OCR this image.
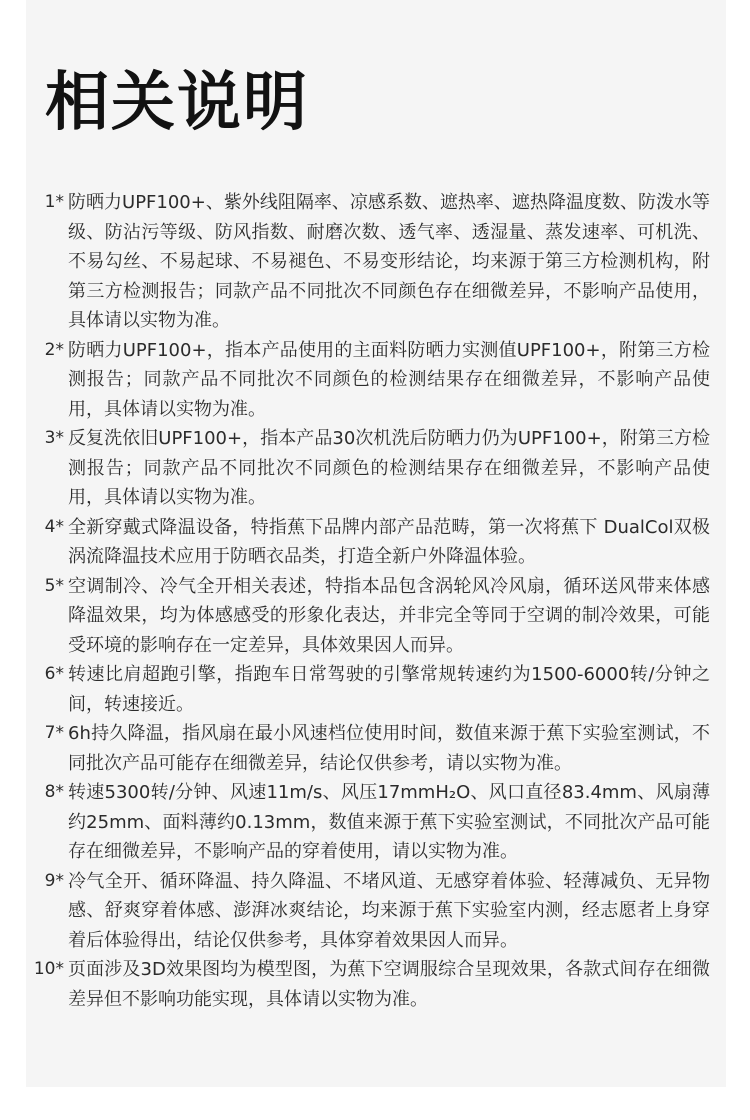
相关说明
1* 防晒力UPF100+、紫外线阻隔率、凉感系数、遮热率、遮热降温度数、防泼水等级、防沾污等级、防风指数、耐磨次数、透气率、透湿量、蒸发速率、可机洗、不易勾丝、不易起球、不易褪色、不易变形结论，均来源于第三方检测机构，附第三方检测报告；同款产品不同批次不同颜色存在细微差异，不影响产品使用，具体请以实物为准。
2* 防晒力UPF100+，指本产品使用的主面料防晒力实测值UPF100+，附第三方检测报告；同款产品不同批次不同颜色的检测结果存在细微差异，不影响产品使用，具体请以实物为准。
3* 反复洗依旧UPF100+，指本产品30次机洗后防晒力仍为UPF100+，附第三方检测报告；同款产品不同批次不同颜色的检测结果存在细微差异，不影响产品使用，具体请以实物为准。
4* 全新穿戴式降温设备，特指蕉下品牌内部产品范畴，第一次将蕉下 DualCol双极涡流降温技术应用于防晒衣品类，打造全新户外降温体验。
5* 空调制冷、冷气全开相关表述，特指本品包含涡轮风冷风扇，循环送风带来体感降温效果，均为体感感受的形象化表达，并非完全等同于空调的制冷效果，可能受环境的影响存在一定差异，具体效果因人而异。
6* 转速比肩超跑引擎，指跑车日常驾驶的引擎常规转速约为1500-6000转/分钟之间，转速接近。
7* 6h持久降温，指风扇在最小风速档位使用时间，数值来源于蕉下实验室测试，不同批次产品可能存在细微差异，结论仅供参考，请以实物为准。
8* 转速5300转/分钟、风速11m/s、风压17mmH₂O、风口直径83.4mm、风扇薄约25mm、面料薄约0.13mm，数值来源于蕉下实验室测试，不同批次产品可能存在细微差异，不影响产品的穿着使用，请以实物为准。
9* 冷气全开、循环降温、持久降温、不堵风道、无感穿着体验、轻薄减负、无异物感、舒爽穿着体感、澎湃冰爽结论，均来源于蕉下实验室内测，经志愿者上身穿着后体验得出，结论仅供参考，具体穿着效果因人而异。
10* 页面涉及3D效果图均为模型图，为蕉下空调服综合呈现效果，各款式间存在细微差异但不影响功能实现，具体请以实物为准。
